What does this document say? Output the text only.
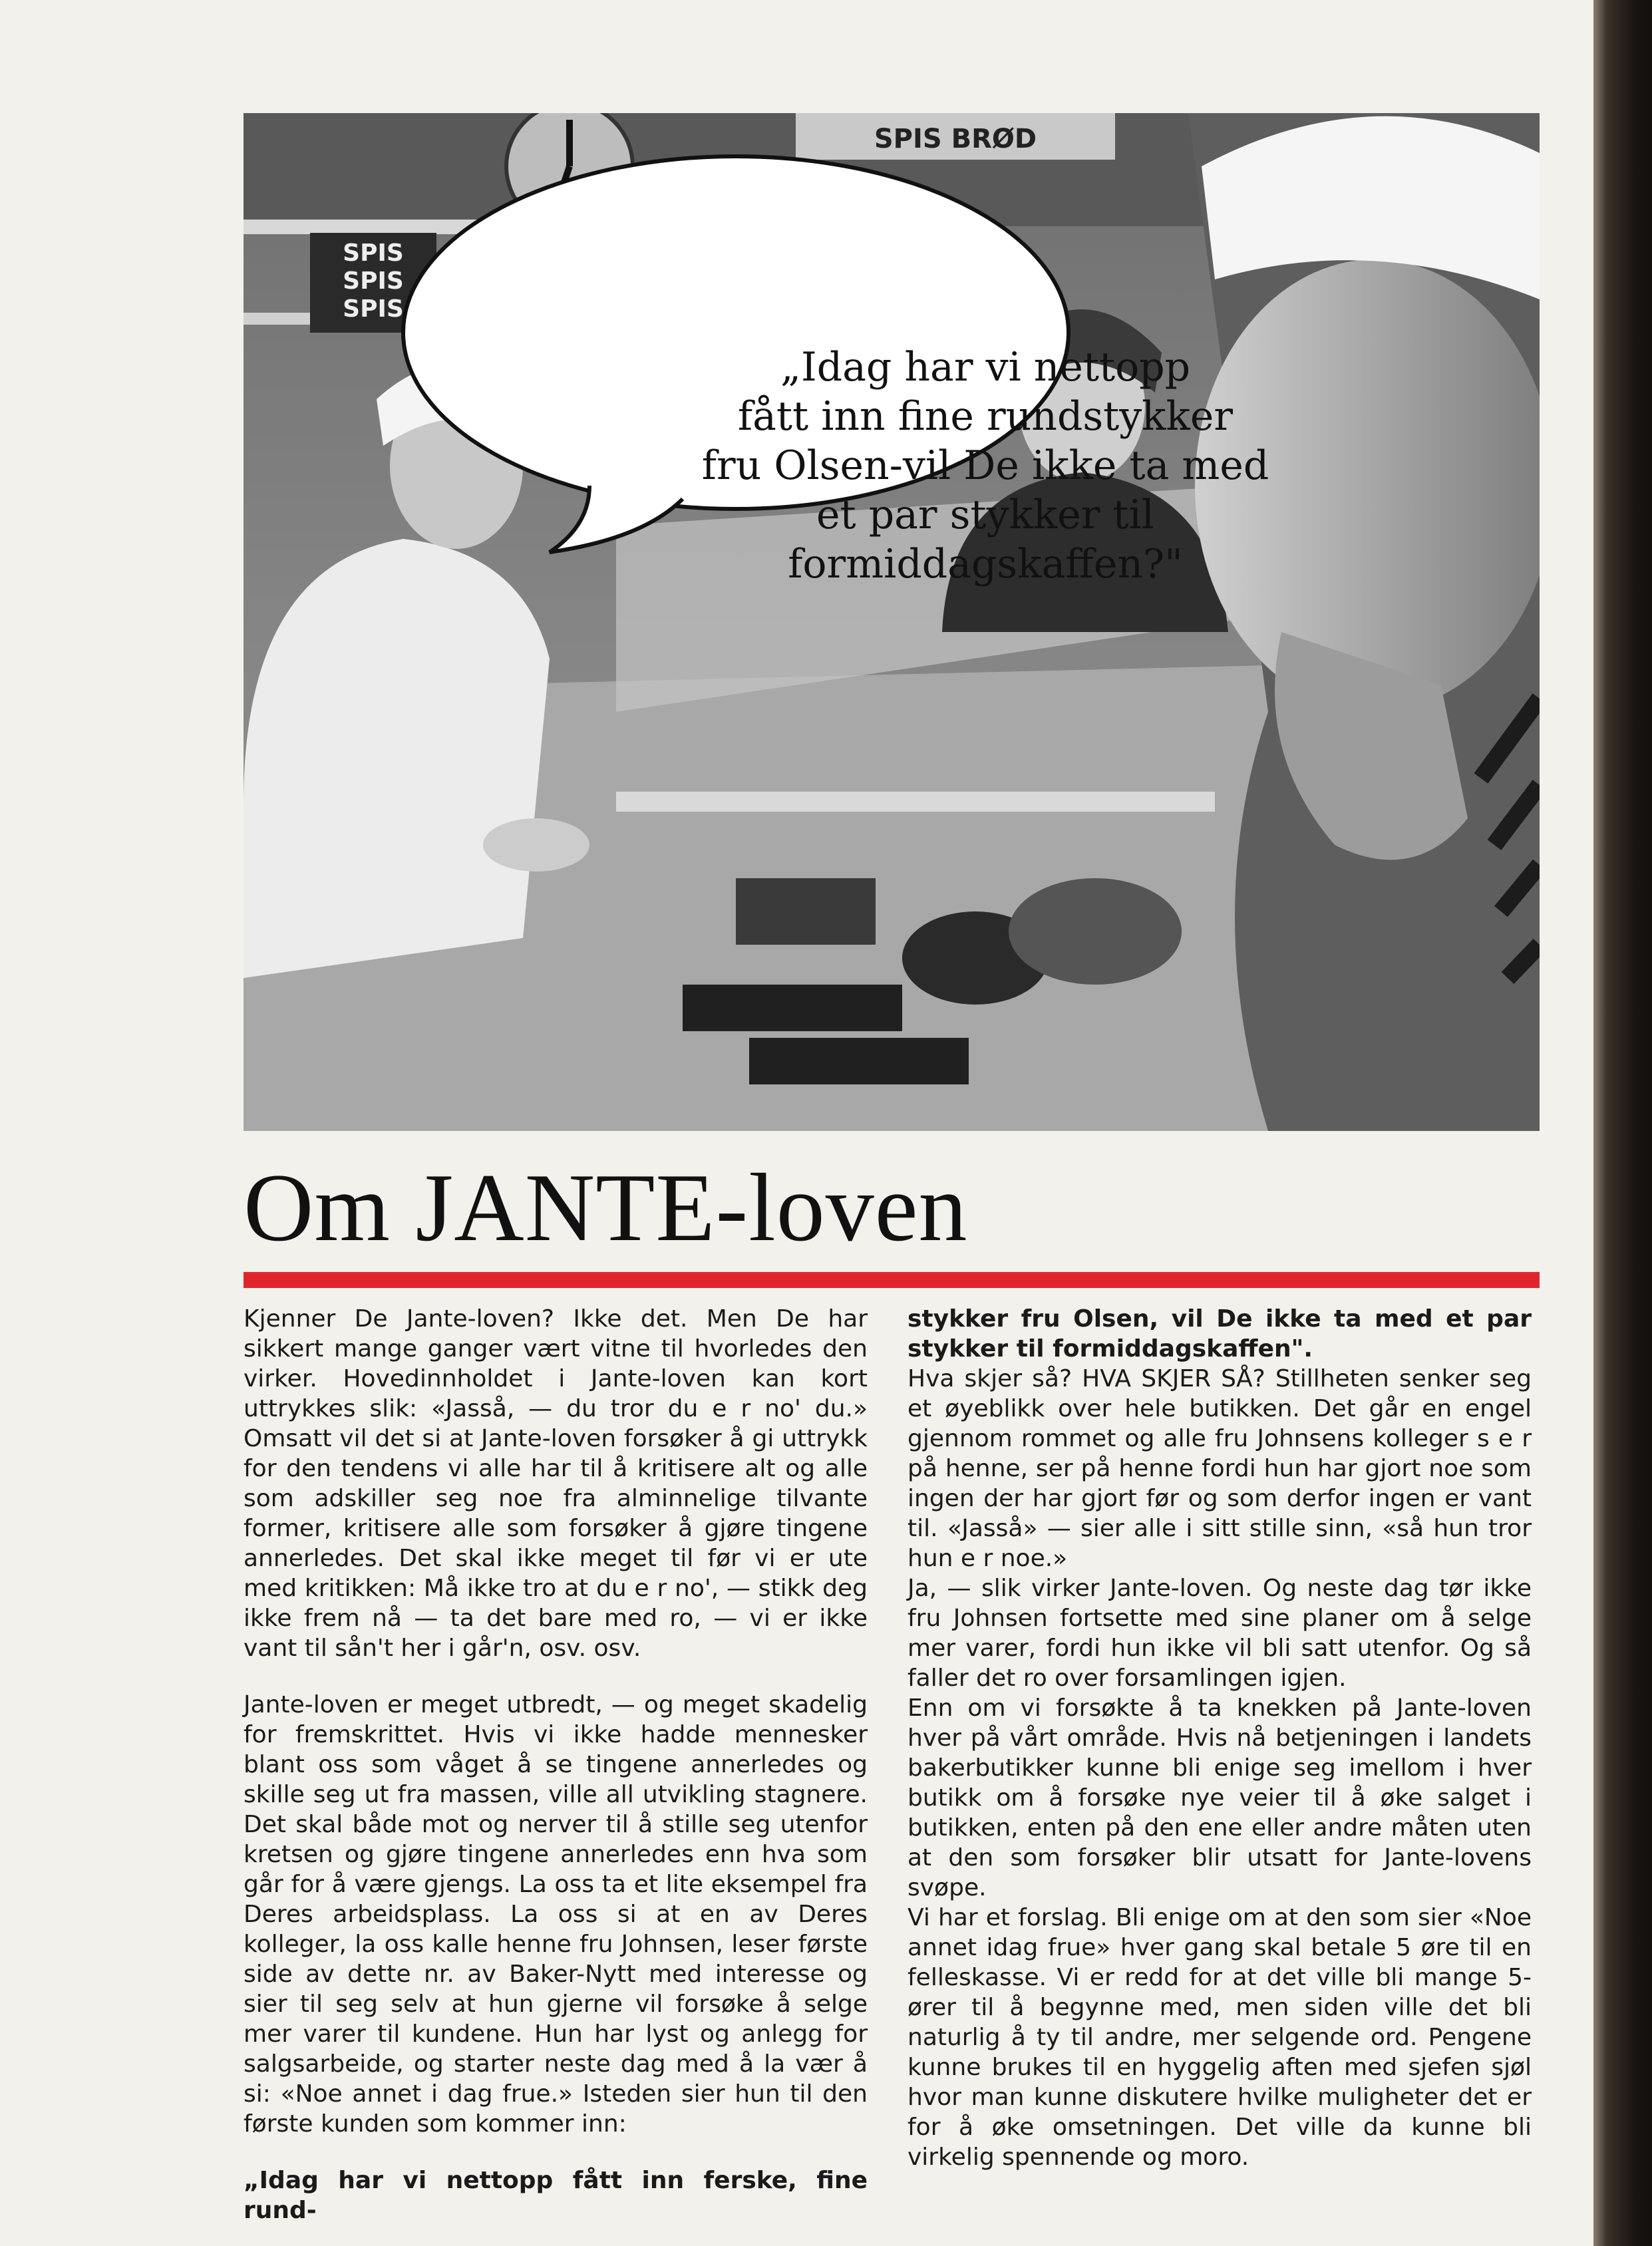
SPIS BRØD
SPIS
SPIS
SPIS
„Idag har vi nettopp
fått inn fine rundstykker
fru Olsen-vil De ikke ta med
et par stykker til
formiddagskaffen?"
Om JANTE-loven

Kjenner De Jante-loven? Ikke det. Men De har sikkert mange ganger vært vitne til hvorledes den virker. Hovedinnholdet i Jante-loven kan kort uttrykkes slik: «Jasså, — du tror du e r no' du.» Omsatt vil det si at Jante-loven forsøker å gi uttrykk for den tendens vi alle har til å kritisere alt og alle som adskiller seg noe fra alminnelige tilvante former, kritisere alle som forsøker å gjøre tingene annerledes. Det skal ikke meget til før vi er ute med kritikken: Må ikke tro at du e r no', — stikk deg ikke frem nå — ta det bare med ro, — vi er ikke vant til sån't her i går'n, osv. osv.

Jante-loven er meget utbredt, — og meget skadelig for fremskrittet. Hvis vi ikke hadde mennesker blant oss som våget å se tingene annerledes og skille seg ut fra massen, ville all utvikling stagnere. Det skal både mot og nerver til å stille seg utenfor kretsen og gjøre tingene annerledes enn hva som går for å være gjengs. La oss ta et lite eksempel fra Deres arbeidsplass. La oss si at en av Deres kolleger, la oss kalle henne fru Johnsen, leser første side av dette nr. av Baker-Nytt med interesse og sier til seg selv at hun gjerne vil forsøke å selge mer varer til kundene. Hun har lyst og anlegg for salgsarbeide, og starter neste dag med å la vær å si: «Noe annet i dag frue.» Isteden sier hun til den første kunden som kommer inn:

„Idag har vi nettopp fått inn ferske, fine rund-

stykker fru Olsen, vil De ikke ta med et par stykker til formiddagskaffen".

Hva skjer så? HVA SKJER SÅ? Stillheten senker seg et øyeblikk over hele butikken. Det går en engel gjennom rommet og alle fru Johnsens kolleger s e r på henne, ser på henne fordi hun har gjort noe som ingen der har gjort før og som derfor ingen er vant til. «Jasså» — sier alle i sitt stille sinn, «så hun tror hun e r noe.»

Ja, — slik virker Jante-loven. Og neste dag tør ikke fru Johnsen fortsette med sine planer om å selge mer varer, fordi hun ikke vil bli satt utenfor. Og så faller det ro over forsamlingen igjen.

Enn om vi forsøkte å ta knekken på Jante-loven hver på vårt område. Hvis nå betjeningen i landets bakerbutikker kunne bli enige seg imellom i hver butikk om å forsøke nye veier til å øke salget i butikken, enten på den ene eller andre måten uten at den som forsøker blir utsatt for Jante-lovens svøpe.

Vi har et forslag. Bli enige om at den som sier «Noe annet idag frue» hver gang skal betale 5 øre til en felleskasse. Vi er redd for at det ville bli mange 5-ører til å begynne med, men siden ville det bli naturlig å ty til andre, mer selgende ord. Pengene kunne brukes til en hyggelig aften med sjefen sjøl hvor man kunne diskutere hvilke muligheter det er for å øke omsetningen. Det ville da kunne bli virkelig spennende og moro.
